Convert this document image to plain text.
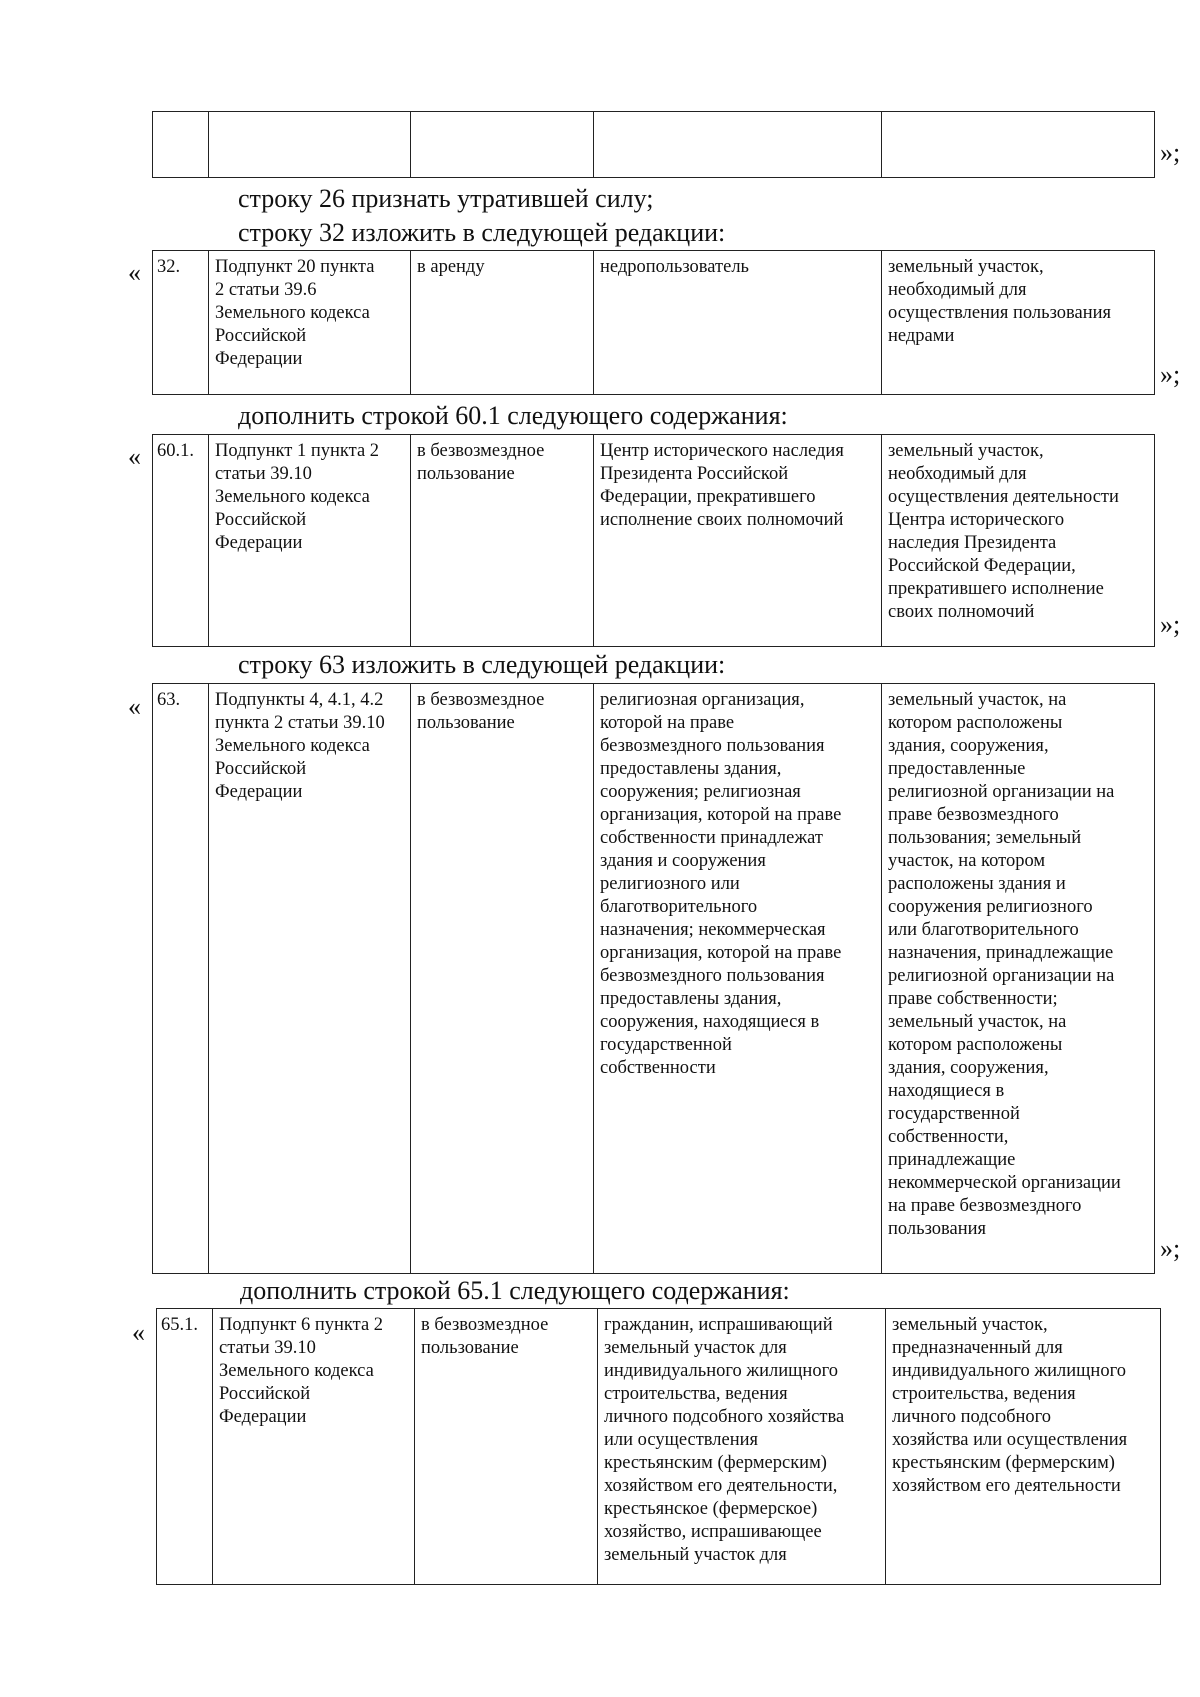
»;

строку 26 признать утратившей силу;

строку 32 изложить в следующей редакции:

« 32.	Подпункт 20 пункта
2 статьи 39.6
Земельного кодекса
Российской
Федерации	в аренду	недропользователь	земельный участок,
необходимый для
осуществления пользования
недрами
»;

дополнить строкой 60.1 следующего содержания:

« 60.1.	Подпункт 1 пункта 2
статьи 39.10
Земельного кодекса
Российской
Федерации	в безвозмездное
пользование	Центр исторического наследия
Президента Российской
Федерации, прекратившего
исполнение своих полномочий	земельный участок,
необходимый для
осуществления деятельности
Центра исторического
наследия Президента
Российской Федерации,
прекратившего исполнение
своих полномочий	»;

строку 63 изложить в следующей редакции:

« 63.	Подпункты 4, 4.1, 4.2
пункта 2 статьи 39.10
Земельного кодекса
Российской
Федерации	в безвозмездное
пользование	религиозная организация,
которой на праве
безвозмездного пользования
предоставлены здания,
сооружения; религиозная
организация, которой на праве
собственности принадлежат
здания и сооружения
религиозного или
благотворительного
назначения; некоммерческая
организация, которой на праве
безвозмездного пользования
предоставлены здания,
сооружения, находящиеся в
государственной
собственности	земельный участок, на
котором расположены
здания, сооружения,
предоставленные
религиозной организации на
праве безвозмездного
пользования; земельный
участок, на котором
расположены здания и
сооружения религиозного
или благотворительного
назначения, принадлежащие
религиозной организации на
праве собственности;
земельный участок, на
котором расположены
здания, сооружения,
находящиеся в
государственной
собственности,
принадлежащие
некоммерческой организации
на праве безвозмездного
пользования
»;

дополнить строкой 65.1 следующего содержания:

« 65.1.	Подпункт 6 пункта 2
статьи 39.10
Земельного кодекса
Российской
Федерации	в безвозмездное
пользование	гражданин, испрашивающий
земельный участок для
индивидуального жилищного
строительства, ведения
личного подсобного хозяйства
или осуществления
крестьянским (фермерским)
хозяйством его деятельности,
крестьянское (фермерское)
хозяйство, испрашивающее
земельный участок для	земельный участок,
предназначенный для
индивидуального жилищного
строительства, ведения
личного подсобного
хозяйства или осуществления
крестьянским (фермерским)
хозяйством его деятельности
